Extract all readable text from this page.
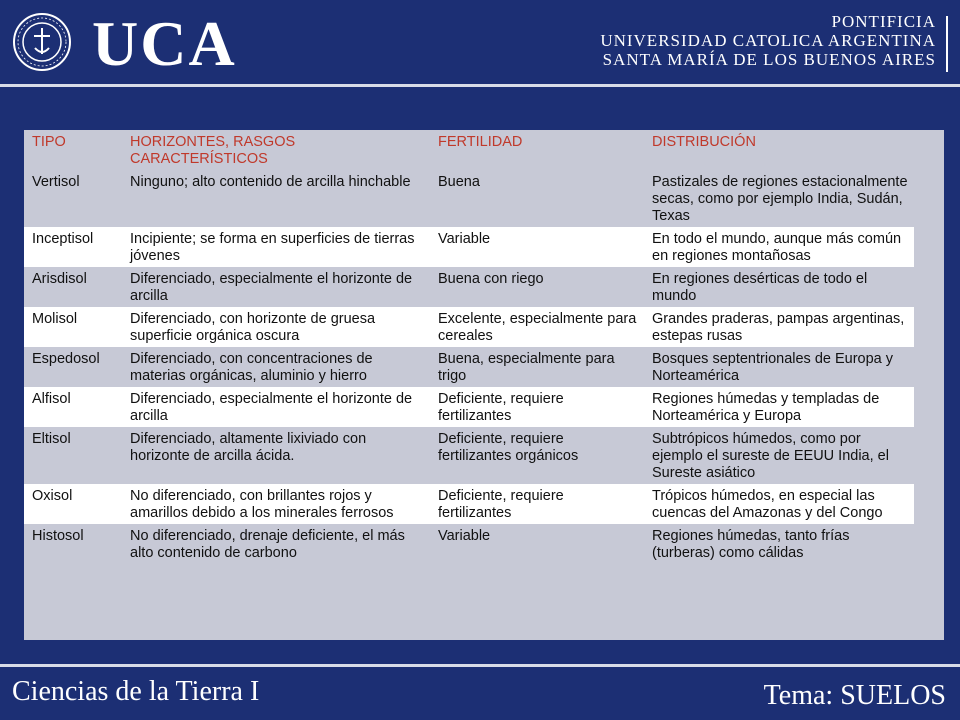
UCA	PONTIFICIA
UNIVERSIDAD CATOLICA ARGENTINA
SANTA MARÍA DE LOS BUENOS AIRES
TIPO	HORIZONTES, RASGOS CARACTERÍSTICOS	FERTILIDAD	DISTRIBUCIÓN
Vertisol	Ninguno; alto contenido de arcilla hinchable	Buena	Pastizales de regiones estacionalmente secas, como por ejemplo India, Sudán, Texas
Inceptisol	Incipiente; se forma en superficies de tierras jóvenes	Variable	En todo el mundo, aunque más común en regiones montañosas
Arisdisol	Diferenciado, especialmente el horizonte de arcilla	Buena con riego	En regiones desérticas de todo el mundo
Molisol	Diferenciado, con horizonte de gruesa superficie orgánica oscura	Excelente, especialmente para cereales	Grandes praderas, pampas argentinas, estepas rusas
Espedosol	Diferenciado, con concentraciones de materias orgánicas, aluminio y hierro	Buena, especialmente para trigo	Bosques septentrionales de Europa y Norteamérica
Alfisol	Diferenciado, especialmente el horizonte de arcilla	Deficiente, requiere fertilizantes	Regiones húmedas y templadas de Norteamérica y Europa
Eltisol	Diferenciado, altamente lixiviado con horizonte de arcilla ácida.	Deficiente, requiere fertilizantes orgánicos	Subtrópicos húmedos, como por ejemplo el sureste de EEUU India, el Sureste asiático
Oxisol	No diferenciado, con brillantes rojos y amarillos debido a los minerales ferrosos	Deficiente, requiere fertilizantes	Trópicos húmedos, en especial las cuencas del Amazonas y del Congo
Histosol	No diferenciado, drenaje deficiente, el más alto contenido de carbono	Variable	Regiones húmedas, tanto frías (turberas) como cálidas
Ciencias de la Tierra I	Tema: SUELOS
